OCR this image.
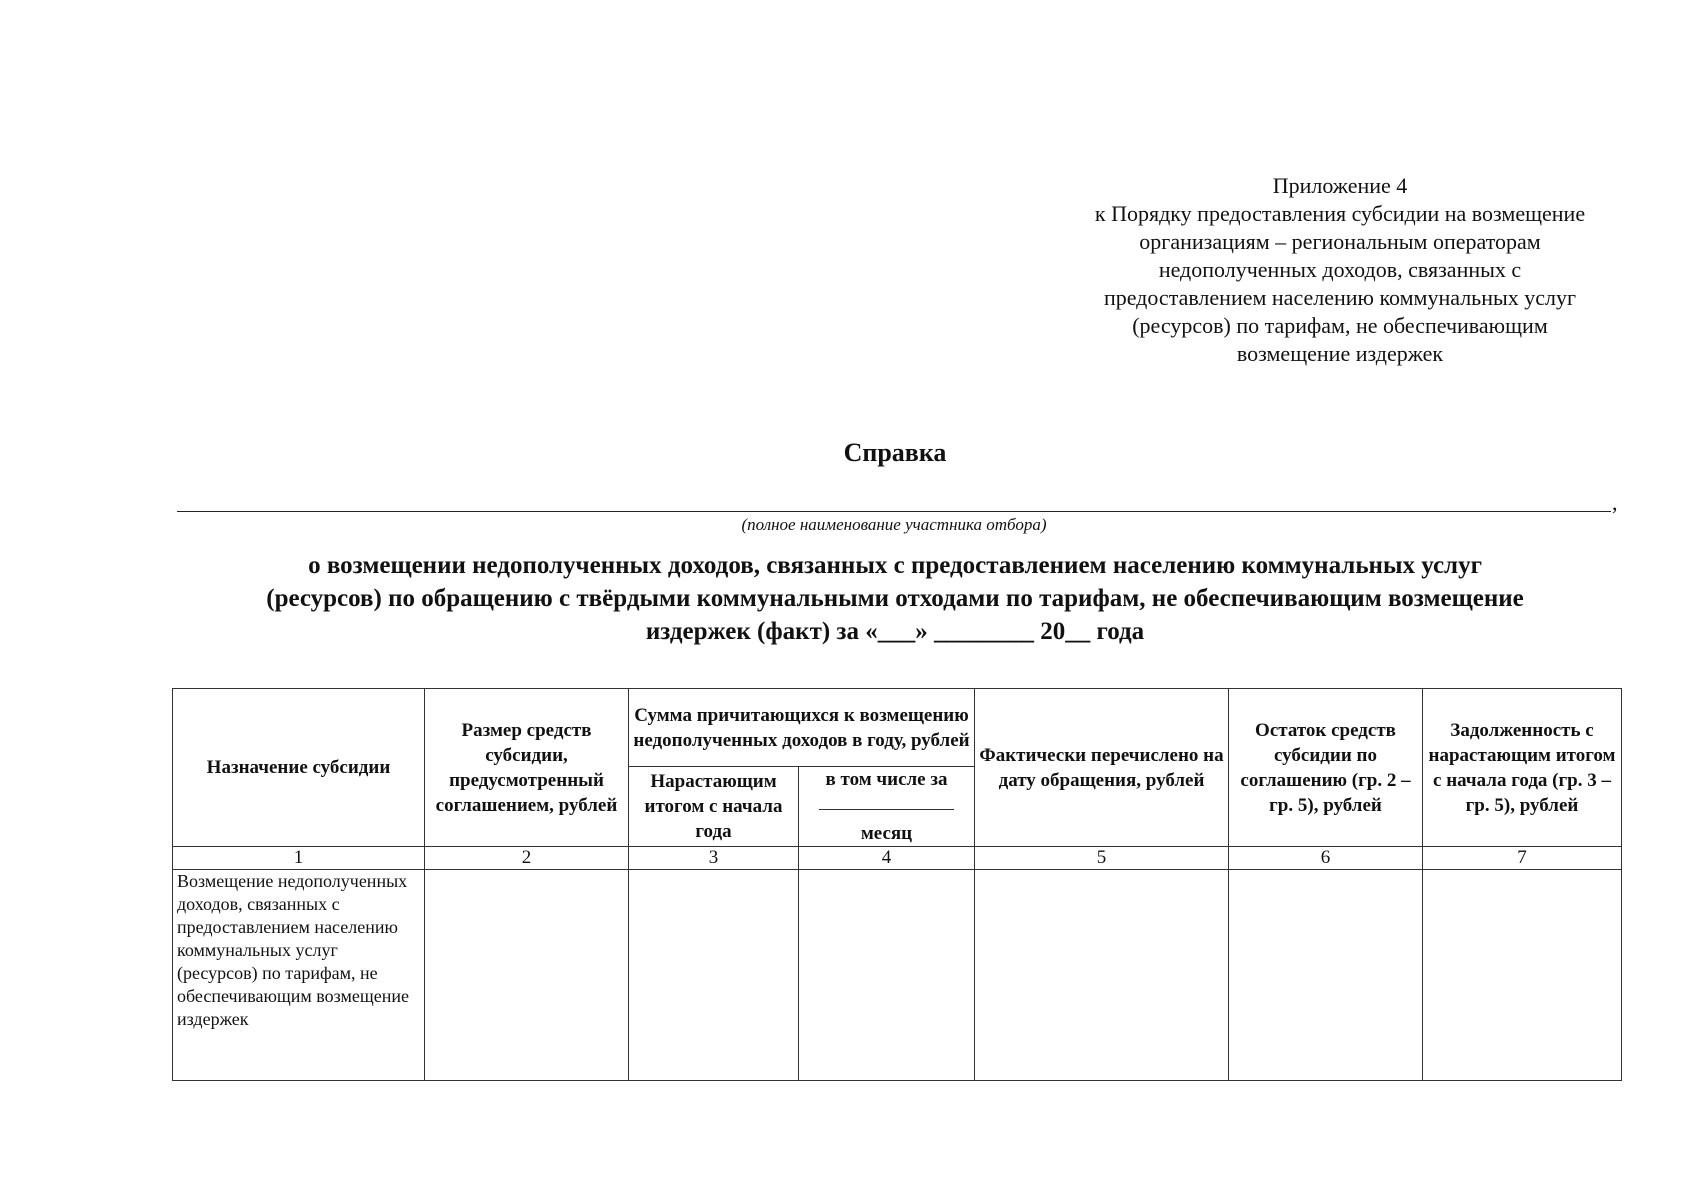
Приложение 4
к Порядку предоставления субсидии на возмещение
организациям – региональным операторам
недополученных доходов, связанных с
предоставлением населению коммунальных услуг
(ресурсов) по тарифам, не обеспечивающим
возмещение издержек
Справка
,
(полное наименование участника отбора)
о возмещении недополученных доходов, связанных с предоставлением населению коммунальных услуг
(ресурсов) по обращению с твёрдыми коммунальными отходами по тарифам, не обеспечивающим возмещение
издержек (факт) за «___» ________ 20__ года
Назначение субсидии	Размер средств субсидии, предусмотренный соглашением, рублей	Сумма причитающихся к возмещению недополученных доходов в году, рублей		Фактически перечислено на дату обращения, рублей	Остаток средств субсидии по соглашению (гр. 2 – гр. 5), рублей	Задолженность с нарастающим итогом с начала года (гр. 3 – гр. 5), рублей
		Нарастающим итогом с начала года	в том числе за

месяц			

1	2	3	4	5	6	7
Возмещение недополученных доходов, связанных с предоставлением населению коммунальных услуг (ресурсов) по тарифам, не обеспечивающим возмещение издержек						
